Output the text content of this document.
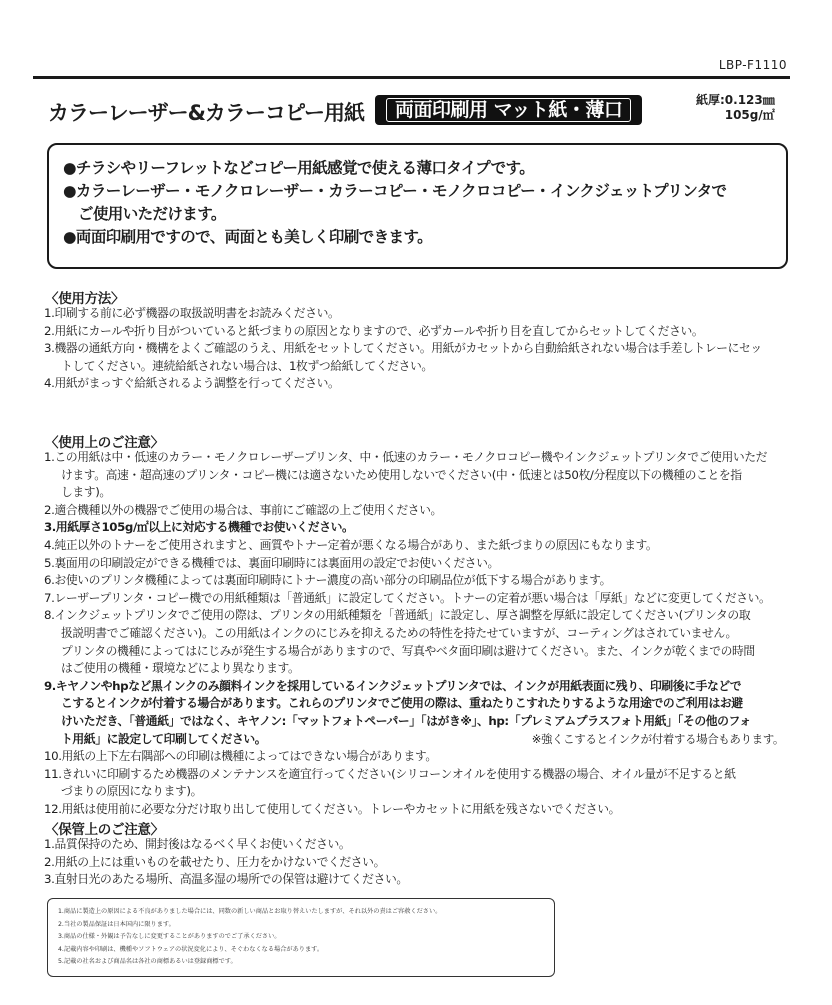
LBP-F1110
カラーレーザー&カラーコピー用紙	両面印刷用 マット紙・薄口	紙厚:0.123㎜
105g/㎡
●チラシやリーフレットなどコピー用紙感覚で使える薄口タイプです。
●カラーレーザー・モノクロレーザー・カラーコピー・モノクロコピー・インクジェットプリンタで
ご使用いただけます。
●両面印刷用ですので、両面とも美しく印刷できます。
〈使用方法〉
1.印刷する前に必ず機器の取扱説明書をお読みください。
2.用紙にカールや折り目がついていると紙づまりの原因となりますので、必ずカールや折り目を直してからセットしてください。
3.機器の通紙方向・機構をよくご確認のうえ、用紙をセットしてください。用紙がカセットから自動給紙されない場合は手差しトレーにセッ
トしてください。連続給紙されない場合は、1枚ずつ給紙してください。
4.用紙がまっすぐ給紙されるよう調整を行ってください。
〈使用上のご注意〉
1.この用紙は中・低速のカラー・モノクロレーザープリンタ、中・低速のカラー・モノクロコピー機やインクジェットプリンタでご使用いただ
けます。高速・超高速のプリンタ・コピー機には適さないため使用しないでください(中・低速とは50枚/分程度以下の機種のことを指
します)。
2.適合機種以外の機器でご使用の場合は、事前にご確認の上ご使用ください。
3.用紙厚さ105g/㎡以上に対応する機種でお使いください。
4.純正以外のトナーをご使用されますと、画質やトナー定着が悪くなる場合があり、また紙づまりの原因にもなります。
5.裏面用の印刷設定ができる機種では、裏面印刷時には裏面用の設定でお使いください。
6.お使いのプリンタ機種によっては裏面印刷時にトナー濃度の高い部分の印刷品位が低下する場合があります。
7.レーザープリンタ・コピー機での用紙種類は「普通紙」に設定してください。トナーの定着が悪い場合は「厚紙」などに変更してください。
8.インクジェットプリンタでご使用の際は、プリンタの用紙種類を「普通紙」に設定し、厚さ調整を厚紙に設定してください(プリンタの取
扱説明書でご確認ください)。この用紙はインクのにじみを抑えるための特性を持たせていますが、コーティングはされていません。
プリンタの機種によってはにじみが発生する場合がありますので、写真やベタ面印刷は避けてください。また、インクが乾くまでの時間
はご使用の機種・環境などにより異なります。
9.キヤノンやhpなど黒インクのみ顔料インクを採用しているインクジェットプリンタでは、インクが用紙表面に残り、印刷後に手などで
こするとインクが付着する場合があります。これらのプリンタでご使用の際は、重ねたりこすれたりするような用途でのご利用はお避
けいただき、「普通紙」ではなく、キヤノン:「マットフォトペーパー」「はがき※」、hp:「プレミアムプラスフォト用紙」「その他のフォ
ト用紙」に設定して印刷してください。	※強くこするとインクが付着する場合もあります。
10.用紙の上下左右隅部への印刷は機種によってはできない場合があります。
11.きれいに印刷するため機器のメンテナンスを適宜行ってください(シリコーンオイルを使用する機器の場合、オイル量が不足すると紙
づまりの原因になります)。
12.用紙は使用前に必要な分だけ取り出して使用してください。トレーやカセットに用紙を残さないでください。
〈保管上のご注意〉
1.品質保持のため、開封後はなるべく早くお使いください。
2.用紙の上には重いものを載せたり、圧力をかけないでください。
3.直射日光のあたる場所、高温多湿の場所での保管は避けてください。
1.商品に製造上の原因による不良がありました場合には、同数の新しい商品とお取り替えいたしますが、それ以外の責はご容赦ください。
2.当社の製品保証は日本国内に限ります。
3.商品の仕様・外観は予告なしに変更することがありますのでご了承ください。
4.記載内容や印刷は、機種やソフトウェアの状況変化により、そぐわなくなる場合があります。
5.記載の社名および商品名は各社の商標あるいは登録商標です。
